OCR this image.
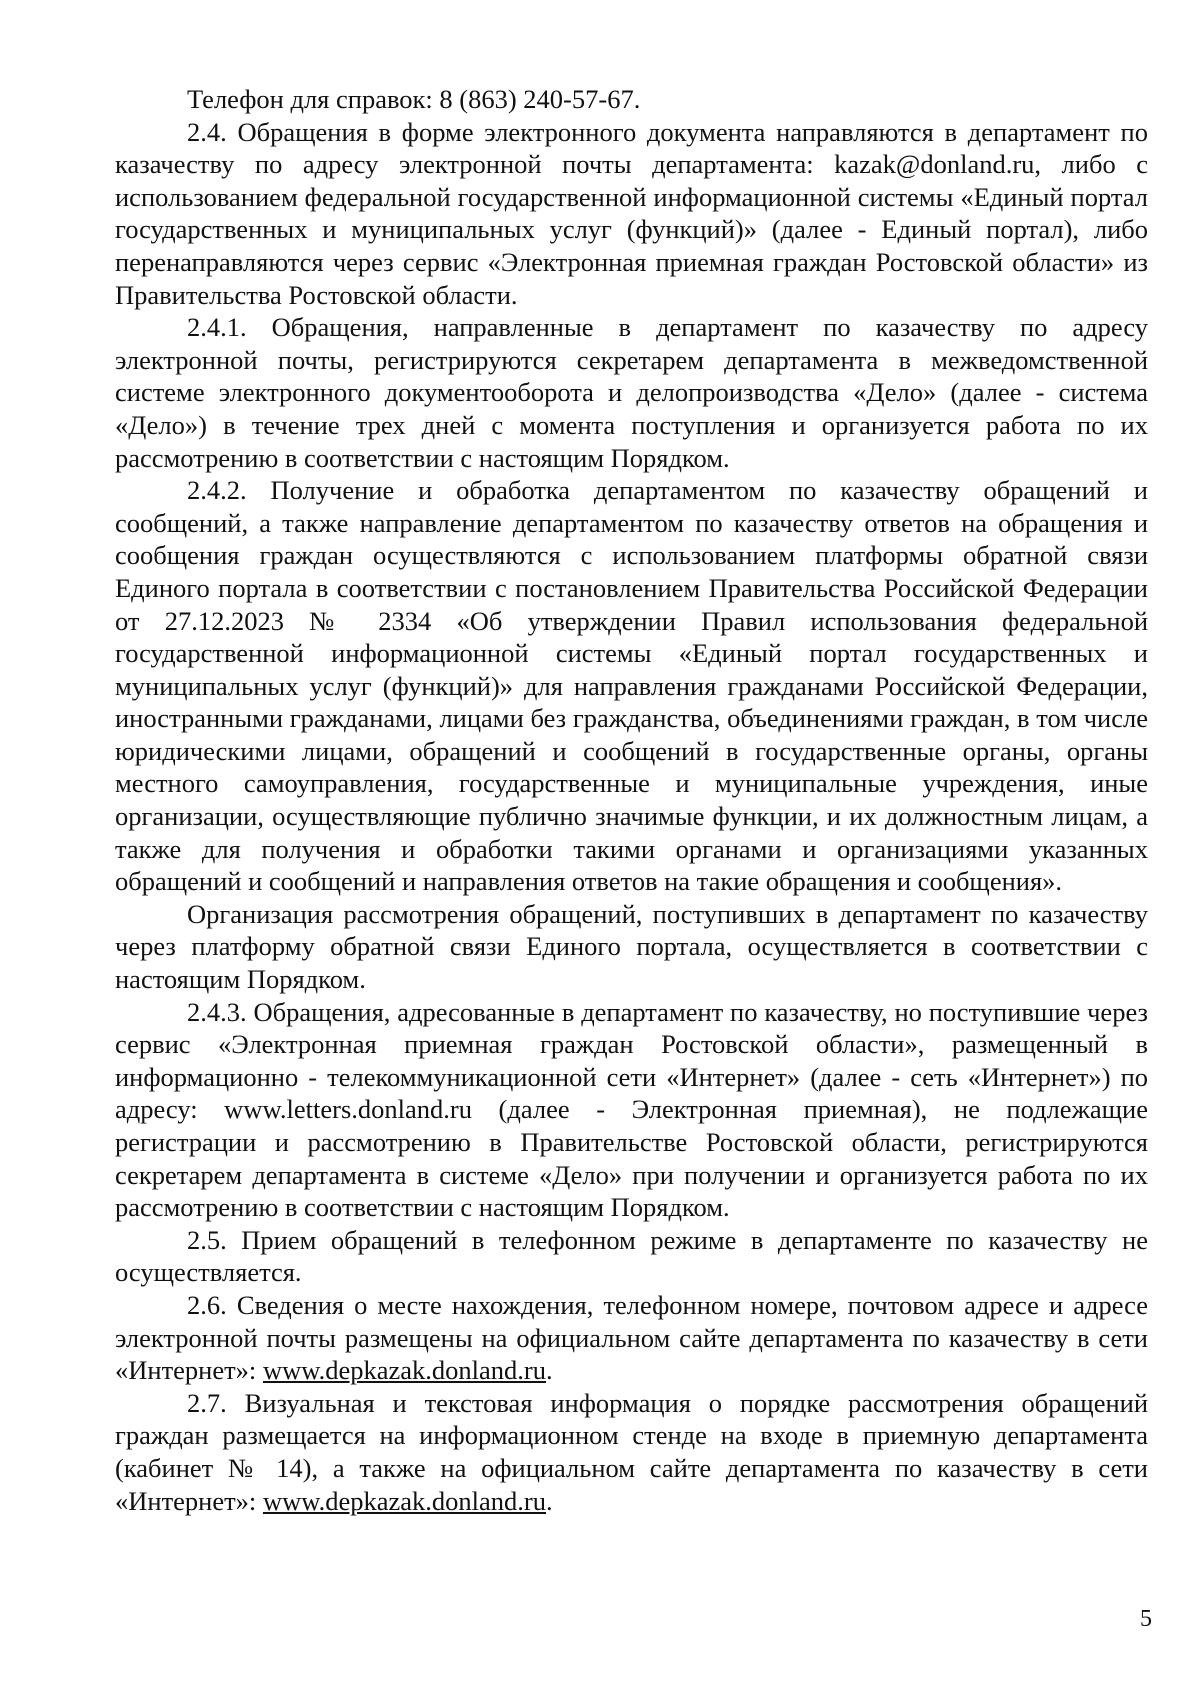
Телефон для справок: 8 (863) 240-57-67.

2.4. Обращения в форме электронного документа направляются в департамент по казачеству по адресу электронной почты департамента: kazak@donland.ru, либо с использованием федеральной государственной информационной системы «Единый портал государственных и муниципальных услуг (функций)» (далее - Единый портал), либо перенаправляются через сервис «Электронная приемная граждан Ростовской области» из Правительства Ростовской области.

2.4.1. Обращения, направленные в департамент по казачеству по адресу электронной почты, регистрируются секретарем департамента в межведомственной системе электронного документооборота и делопроизводства «Дело» (далее - система «Дело») в течение трех дней с момента поступления и организуется работа по их рассмотрению в соответствии с настоящим Порядком.

2.4.2. Получение и обработка департаментом по казачеству обращений и сообщений, а также направление департаментом по казачеству ответов на обращения и сообщения граждан осуществляются с использованием платформы обратной связи Единого портала в соответствии с постановлением Правительства Российской Федерации от 27.12.2023 № 2334 «Об утверждении Правил использования федеральной государственной информационной системы «Единый портал государственных и муниципальных услуг (функций)» для направления гражданами Российской Федерации, иностранными гражданами, лицами без гражданства, объединениями граждан, в том числе юридическими лицами, обращений и сообщений в государственные органы, органы местного самоуправления, государственные и муниципальные учреждения, иные организации, осуществляющие публично значимые функции, и их должностным лицам, а также для получения и обработки такими органами и организациями указанных обращений и сообщений и направления ответов на такие обращения и сообщения».

Организация рассмотрения обращений, поступивших в департамент по казачеству через платформу обратной связи Единого портала, осуществляется в соответствии с настоящим Порядком.

2.4.3. Обращения, адресованные в департамент по казачеству, но поступившие через сервис «Электронная приемная граждан Ростовской области», размещенный в информационно - телекоммуникационной сети «Интернет» (далее - сеть «Интернет») по адресу: www.letters.donland.ru (далее - Электронная приемная), не подлежащие регистрации и рассмотрению в Правительстве Ростовской области, регистрируются секретарем департамента в системе «Дело» при получении и организуется работа по их рассмотрению в соответствии с настоящим Порядком.

2.5. Прием обращений в телефонном режиме в департаменте по казачеству не осуществляется.

2.6. Сведения о месте нахождения, телефонном номере, почтовом адресе и адресе электронной почты размещены на официальном сайте департамента по казачеству в сети «Интернет»: www.depkazak.donland.ru.

2.7. Визуальная и текстовая информация о порядке рассмотрения обращений граждан размещается на информационном стенде на входе в приемную департамента (кабинет № 14), а также на официальном сайте департамента по казачеству в сети «Интернет»: www.depkazak.donland.ru.

5
